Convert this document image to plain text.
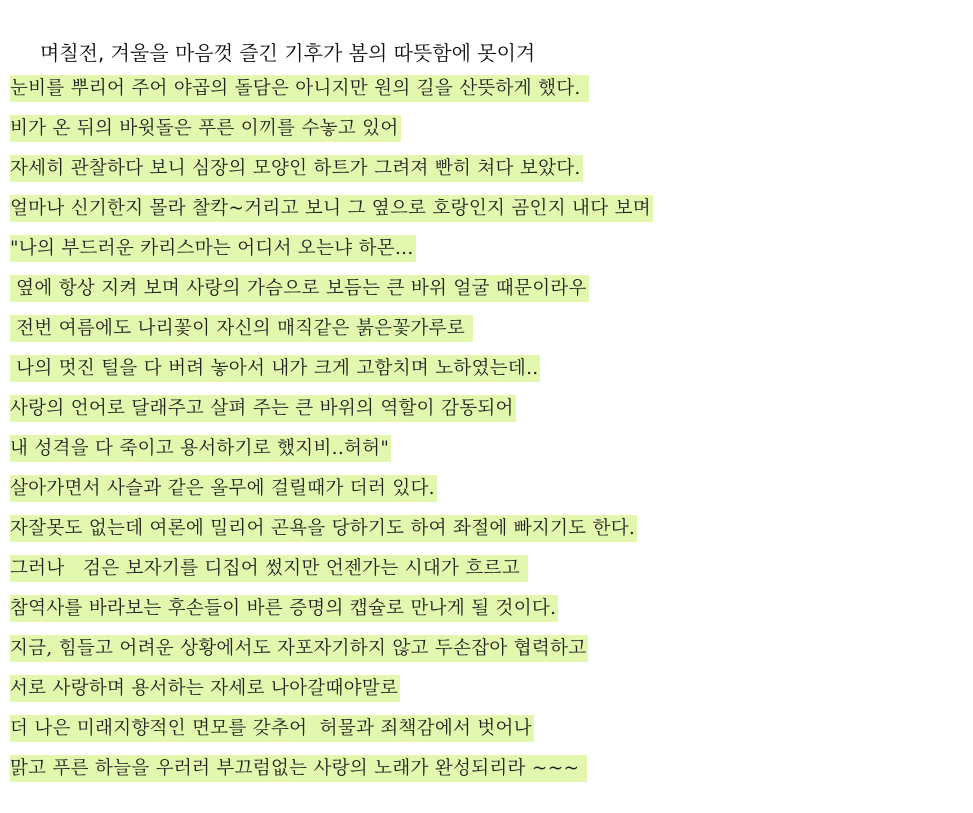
며칠전, 겨울을 마음껏 즐긴 기후가 봄의 따뜻함에 못이겨
눈비를 뿌리어 주어 야곱의 돌담은 아니지만 원의 길을 산뜻하게 했다.
비가 온 뒤의 바윗돌은 푸른 이끼를 수놓고 있어
자세히 관찰하다 보니 심장의 모양인 하트가 그려져 빤히 쳐다 보았다.
얼마나 신기한지 몰라 찰칵~거리고 보니 그 옆으로 호랑인지 곰인지 내다 보며
"나의 부드러운 카리스마는 어디서 오는냐 하몬...
옆에 항상 지켜 보며 사랑의 가슴으로 보듬는 큰 바위 얼굴 때문이라우
전번 여름에도 나리꽃이 자신의 매직같은 붉은꽃가루로
나의 멋진 털을 다 버려 놓아서 내가 크게 고함치며 노하였는데..
사랑의 언어로 달래주고 살펴 주는 큰 바위의 역할이 감동되어
내 성격을 다 죽이고 용서하기로 했지비..허허"
살아가면서 사슬과 같은 올무에 걸릴때가 더러 있다.
자잘못도 없는데 여론에 밀리어 곤욕을 당하기도 하여 좌절에 빠지기도 한다.
그러나   검은 보자기를 디집어 썼지만 언젠가는 시대가 흐르고
참역사를 바라보는 후손들이 바른 증명의 캡슐로 만나게 될 것이다.
지금, 힘들고 어려운 상황에서도 자포자기하지 않고 두손잡아 협력하고
서로 사랑하며 용서하는 자세로 나아갈때야말로
더 나은 미래지향적인 면모를 갖추어  허물과 죄책감에서 벗어나
맑고 푸른 하늘을 우러러 부끄럼없는 사랑의 노래가 완성되리라 ~~~
